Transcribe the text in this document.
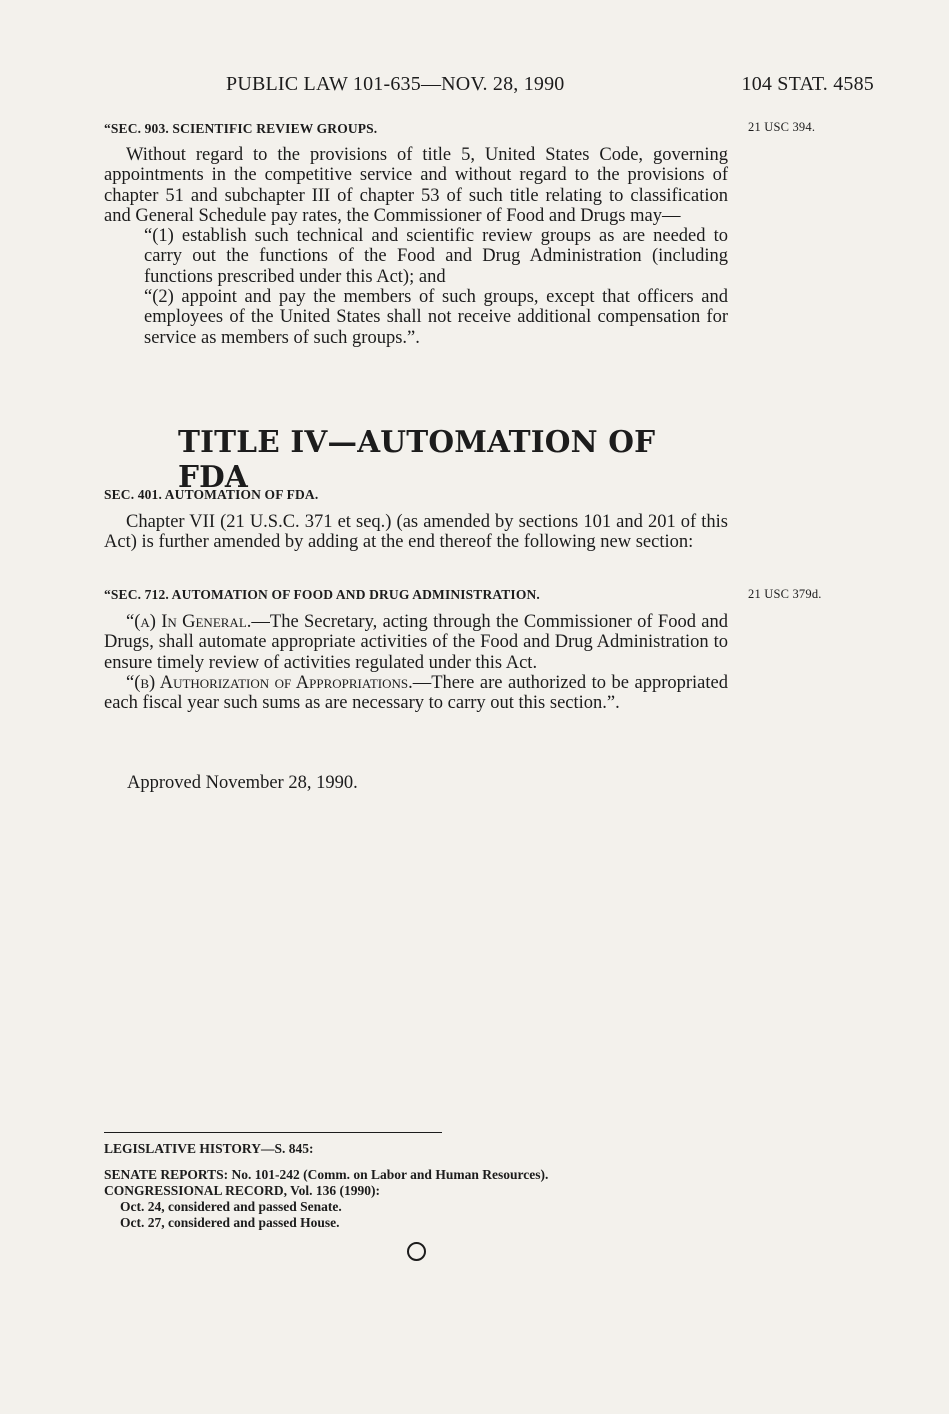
PUBLIC LAW 101-635—NOV. 28, 1990	104 STAT. 4585
21 USC 394.
“SEC. 903. SCIENTIFIC REVIEW GROUPS.

Without regard to the provisions of title 5, United States Code, governing appointments in the competitive service and without regard to the provisions of chapter 51 and subchapter III of chapter 53 of such title relating to classification and General Schedule pay rates, the Commissioner of Food and Drugs may—

“(1) establish such technical and scientific review groups as are needed to carry out the functions of the Food and Drug Administration (including functions prescribed under this Act); and

“(2) appoint and pay the members of such groups, except that officers and employees of the United States shall not receive additional compensation for service as members of such groups.”.

TITLE IV—AUTOMATION OF FDA
SEC. 401. AUTOMATION OF FDA.

Chapter VII (21 U.S.C. 371 et seq.) (as amended by sections 101 and 201 of this Act) is further amended by adding at the end thereof the following new section:

“SEC. 712. AUTOMATION OF FOOD AND DRUG ADMINISTRATION.	21 USC 379d.

“(a) In General.—The Secretary, acting through the Commissioner of Food and Drugs, shall automate appropriate activities of the Food and Drug Administration to ensure timely review of activities regulated under this Act.

“(b) Authorization of Appropriations.—There are authorized to be appropriated each fiscal year such sums as are necessary to carry out this section.”.

Approved November 28, 1990.
LEGISLATIVE HISTORY—S. 845:
SENATE REPORTS: No. 101-242 (Comm. on Labor and Human Resources).
CONGRESSIONAL RECORD, Vol. 136 (1990):
Oct. 24, considered and passed Senate.
Oct. 27, considered and passed House.
